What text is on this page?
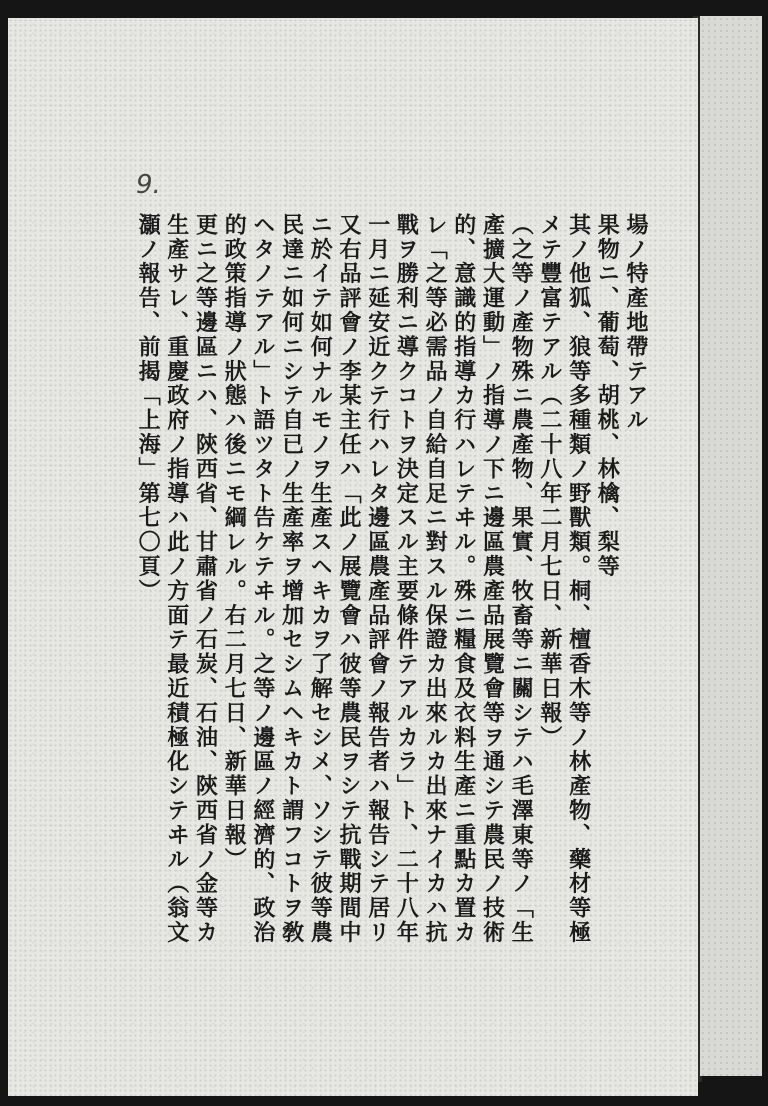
9.
場ノ特產地帶テアル
果物ニ、葡萄、胡桃、林檎、梨等
其ノ他狐、狼等多種類ノ野獸類。桐、檀香木等ノ林產物、藥材等極
メテ豐富テアル（二十八年二月七日、新華日報）
（之等ノ產物殊ニ農產物、果實、牧畜等ニ關シテハ毛澤東等ノ「生
產擴大運動」ノ指導ノ下ニ邊區農產品展覽會等ヲ通シテ農民ノ技術
的、意識的指導カ行ハレテヰル。殊ニ糧食及衣料生產ニ重點カ置カ
レ「之等必需品ノ自給自足ニ對スル保證カ出來ルカ出來ナイカハ抗
戰ヲ勝利ニ導クコトヲ決定スル主要條件テアルカラ」ト、二十八年
一月ニ延安近クテ行ハレタ邊區農產品評會ノ報告者ハ報告シテ居リ
又右品評會ノ李某主任ハ「此ノ展覽會ハ彼等農民ヲシテ抗戰期間中
ニ於イテ如何ナルモノヲ生產スヘキカヲ了解セシメ、ソシテ彼等農
民達ニ如何ニシテ自已ノ生產率ヲ增加セシムヘキカト謂フコトヲ敎
ヘタノテアル」ト語ツタト告ケテヰル。之等ノ邊區ノ經濟的、政治
的政策指導ノ狀態ハ後ニモ綱レル。右二月七日、新華日報）
更ニ之等邊區ニハ、陝西省、甘肅省ノ石炭、石油、陝西省ノ金等カ
生產サレ、重慶政府ノ指導ハ此ノ方面テ最近積極化シテヰル（翁文
灝ノ報告、前揭「上海」第七〇頁）
